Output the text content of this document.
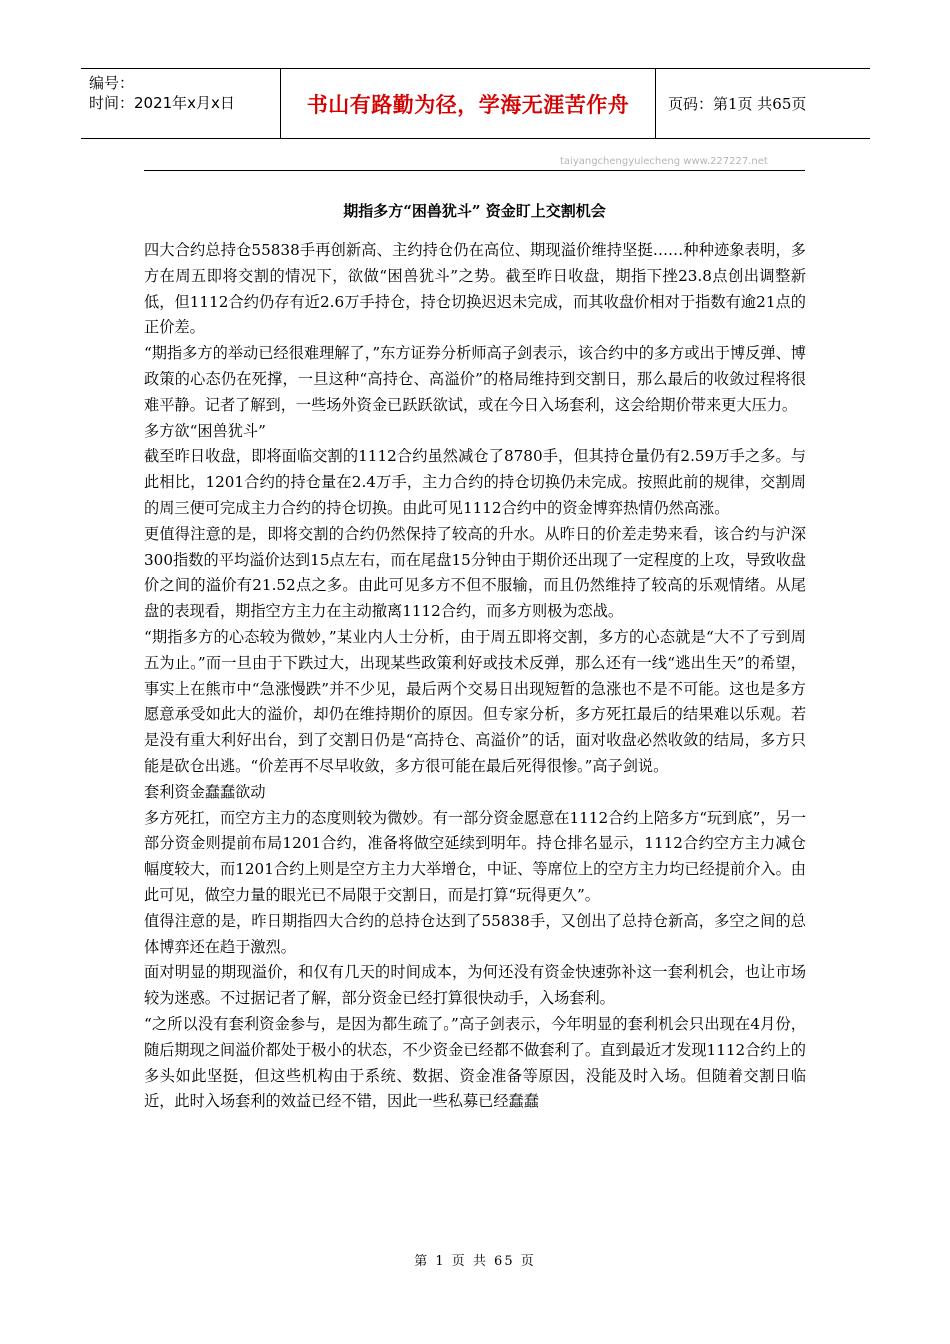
编号：
时间：2021年x月x日	书山有路勤为径，学海无涯苦作舟	页码：第1页 共65页
taiyangchengyulecheng www.227227.net
期指多方“困兽犹斗” 资金盯上交割机会

四大合约总持仓55838手再创新高、主约持仓仍在高位、期现溢价维持坚挺……种种迹象表明，多方在周五即将交割的情况下，欲做“困兽犹斗”之势。截至昨日收盘，期指下挫23.8点创出调整新低，但1112合约仍存有近2.6万手持仓，持仓切换迟迟未完成，而其收盘价相对于指数有逾21点的正价差。

“期指多方的举动已经很难理解了，”东方证券分析师高子剑表示，该合约中的多方或出于博反弹、博政策的心态仍在死撑，一旦这种“高持仓、高溢价”的格局维持到交割日，那么最后的收敛过程将很难平静。记者了解到，一些场外资金已跃跃欲试，或在今日入场套利，这会给期价带来更大压力。

多方欲“困兽犹斗”

截至昨日收盘，即将面临交割的1112合约虽然减仓了8780手，但其持仓量仍有2.59万手之多。与此相比，1201合约的持仓量在2.4万手，主力合约的持仓切换仍未完成。按照此前的规律，交割周的周三便可完成主力合约的持仓切换。由此可见1112合约中的资金博弈热情仍然高涨。

更值得注意的是，即将交割的合约仍然保持了较高的升水。从昨日的价差走势来看，该合约与沪深300指数的平均溢价达到15点左右，而在尾盘15分钟由于期价还出现了一定程度的上攻，导致收盘价之间的溢价有21.52点之多。由此可见多方不但不服输，而且仍然维持了较高的乐观情绪。从尾盘的表现看，期指空方主力在主动撤离1112合约，而多方则极为恋战。

“期指多方的心态较为微妙，”某业内人士分析，由于周五即将交割，多方的心态就是“大不了亏到周五为止。”而一旦由于下跌过大，出现某些政策利好或技术反弹，那么还有一线“逃出生天”的希望，事实上在熊市中“急涨慢跌”并不少见，最后两个交易日出现短暂的急涨也不是不可能。这也是多方愿意承受如此大的溢价，却仍在维持期价的原因。但专家分析，多方死扛最后的结果难以乐观。若是没有重大利好出台，到了交割日仍是“高持仓、高溢价”的话，面对收盘必然收敛的结局，多方只能是砍仓出逃。“价差再不尽早收敛，多方很可能在最后死得很惨。”高子剑说。

套利资金蠢蠢欲动

多方死扛，而空方主力的态度则较为微妙。有一部分资金愿意在1112合约上陪多方“玩到底”，另一部分资金则提前布局1201合约，准备将做空延续到明年。持仓排名显示，1112合约空方主力减仓幅度较大，而1201合约上则是空方主力大举增仓，中证、等席位上的空方主力均已经提前介入。由此可见，做空力量的眼光已不局限于交割日，而是打算“玩得更久”。

值得注意的是，昨日期指四大合约的总持仓达到了55838手，又创出了总持仓新高，多空之间的总体博弈还在趋于激烈。

面对明显的期现溢价，和仅有几天的时间成本，为何还没有资金快速弥补这一套利机会，也让市场较为迷惑。不过据记者了解，部分资金已经打算很快动手，入场套利。

“之所以没有套利资金参与，是因为都生疏了。”高子剑表示，今年明显的套利机会只出现在4月份，随后期现之间溢价都处于极小的状态，不少资金已经都不做套利了。直到最近才发现1112合约上的多头如此坚挺，但这些机构由于系统、数据、资金准备等原因，没能及时入场。但随着交割日临近，此时入场套利的效益已经不错，因此一些私募已经蠢蠢

第 1 页 共 65 页
